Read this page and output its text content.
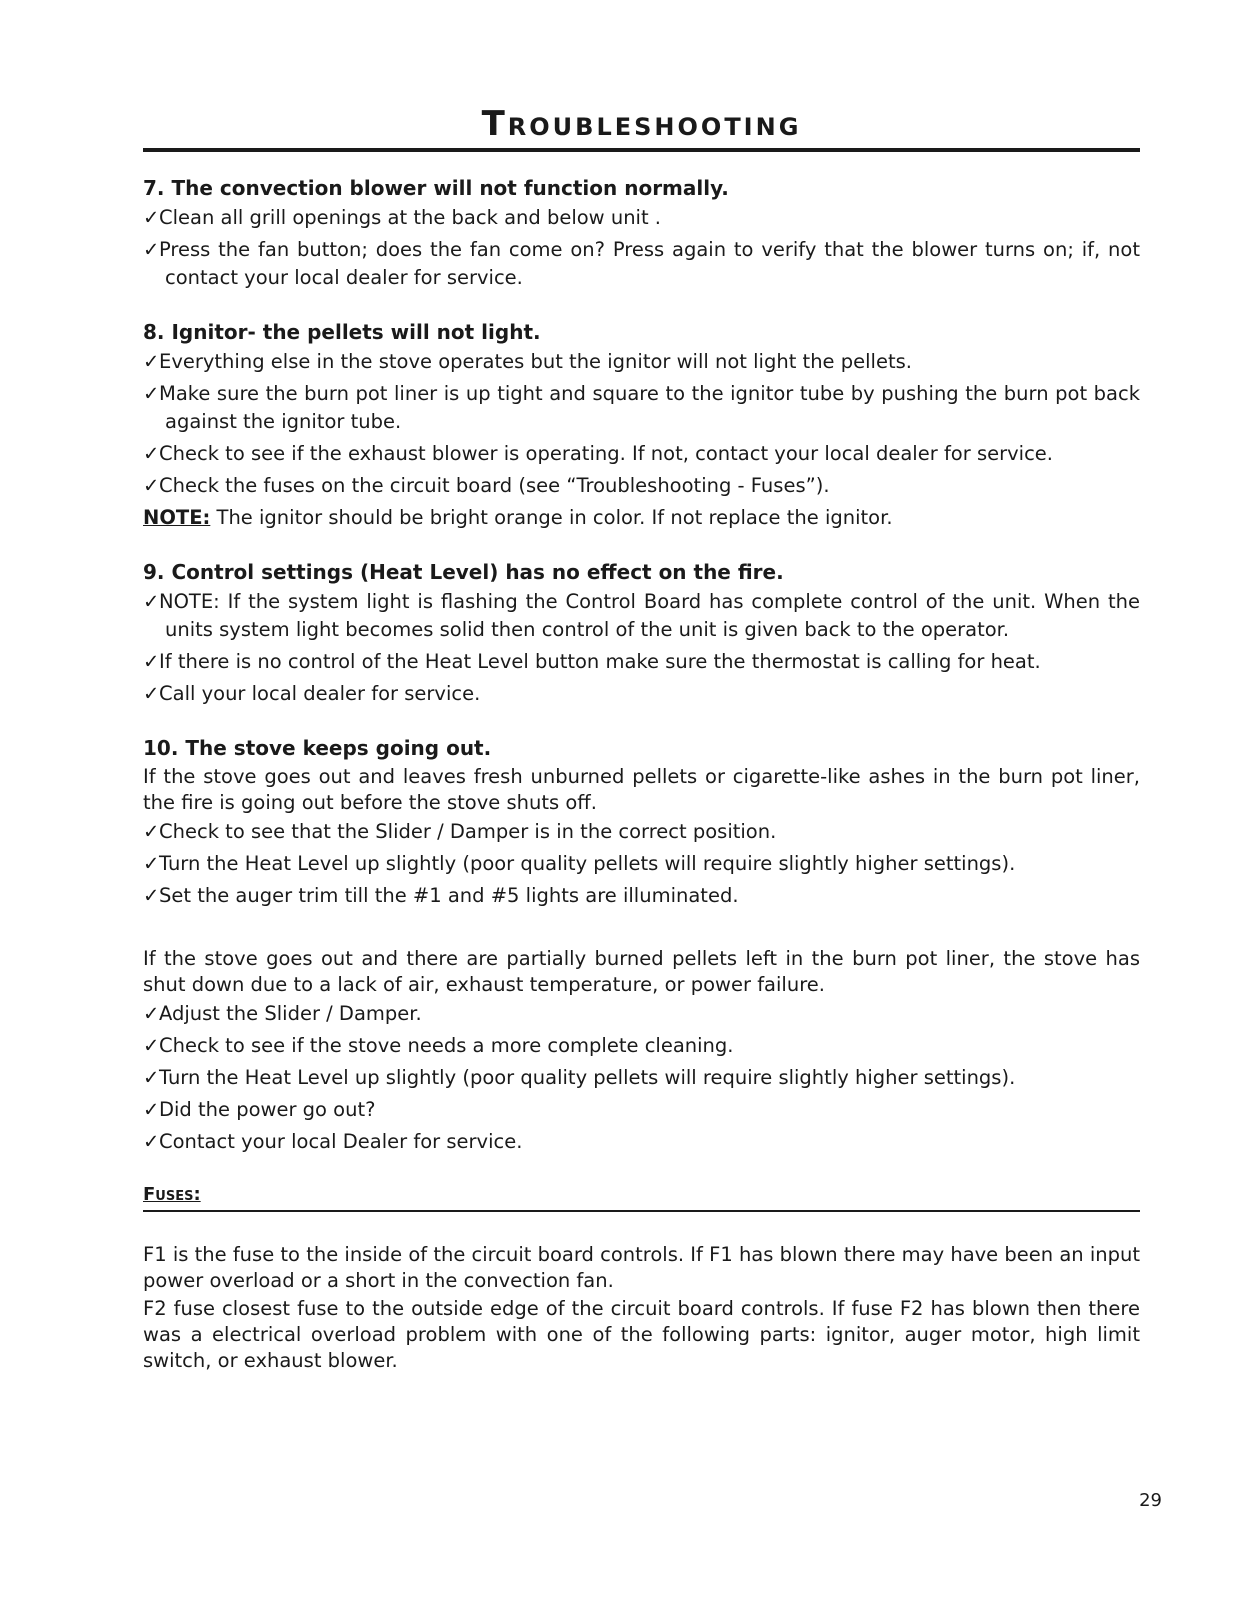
Troubleshooting
7. The convection blower will not function normally.
✓ Clean all grill openings at the back and below unit .
✓ Press the fan button; does the fan come on? Press again to verify that the blower turns on; if, not contact your local dealer for service.
8. Ignitor- the pellets will not light.
✓ Everything else in the stove operates but the ignitor will not light the pellets.
✓ Make sure the burn pot liner is up tight and square to the ignitor tube by pushing the burn pot back against the ignitor tube.
✓ Check to see if the exhaust blower is operating. If not, contact your local dealer for service.
✓ Check the fuses on the circuit board (see “Troubleshooting - Fuses”).
NOTE: The ignitor should be bright orange in color. If not replace the ignitor.
9. Control settings (Heat Level) has no effect on the fire.
✓ NOTE: If the system light is flashing the Control Board has complete control of the unit. When the units system light becomes solid then control of the unit is given back to the operator.
✓ If there is no control of the Heat Level button make sure the thermostat is calling for heat.
✓ Call your local dealer for service.
10. The stove keeps going out.
If the stove goes out and leaves fresh unburned pellets or cigarette-like ashes in the burn pot liner, the fire is going out before the stove shuts off.
✓ Check to see that the Slider / Damper is in the correct position.
✓ Turn the Heat Level up slightly (poor quality pellets will require slightly higher settings).
✓ Set the auger trim till the #1 and #5 lights are illuminated.
If the stove goes out and there are partially burned pellets left in the burn pot liner, the stove has shut down due to a lack of air, exhaust temperature, or power failure.
✓ Adjust the Slider / Damper.
✓ Check to see if the stove needs a more complete cleaning.
✓ Turn the Heat Level up slightly (poor quality pellets will require slightly higher settings).
✓ Did the power go out?
✓ Contact your local Dealer for service.
Fuses:
F1 is the fuse to the inside of the circuit board controls. If F1 has blown there may have been an input power overload or a short in the convection fan.
F2 fuse closest fuse to the outside edge of the circuit board controls. If fuse F2 has blown then there was a electrical overload problem with one of the following parts: ignitor, auger motor, high limit switch, or exhaust blower.
29
